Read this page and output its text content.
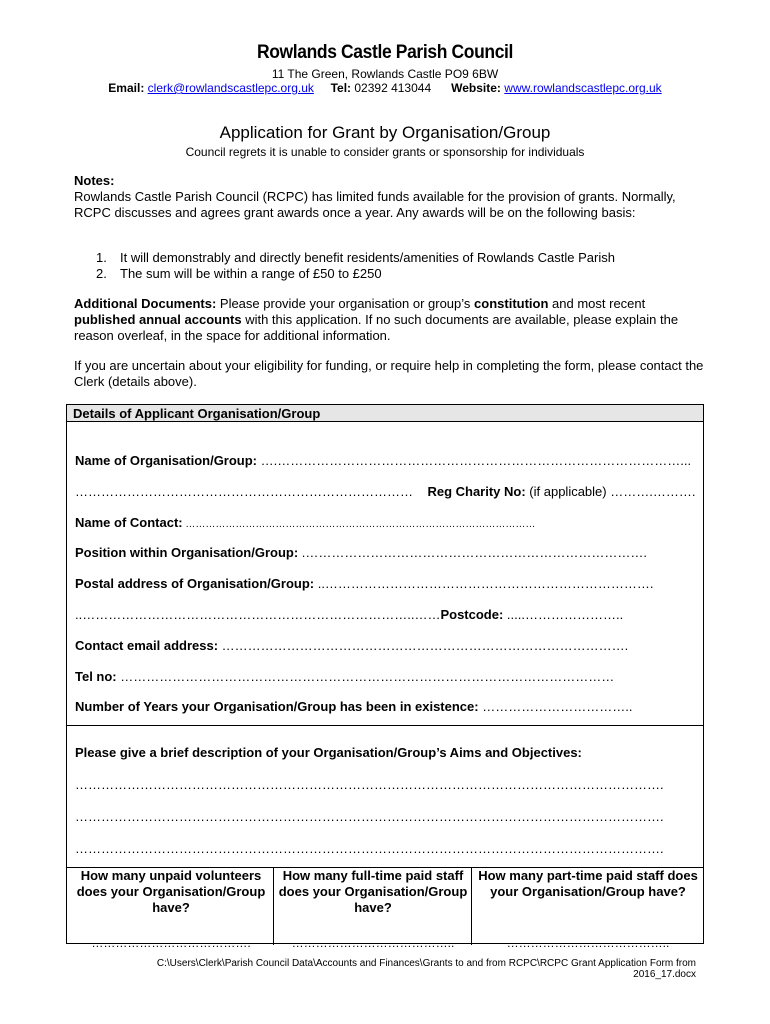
Rowlands Castle Parish Council
11 The Green, Rowlands Castle PO9 6BW
Email: clerk@rowlandscastlepc.org.uk Tel: 02392 413044 Website: www.rowlandscastlepc.org.uk
Application for Grant by Organisation/Group
Council regrets it is unable to consider grants or sponsorship for individuals
Notes:
Rowlands Castle Parish Council (RCPC) has limited funds available for the provision of grants. Normally, RCPC discusses and agrees grant awards once a year. Any awards will be on the following basis:
1. It will demonstrably and directly benefit residents/amenities of Rowlands Castle Parish
2. The sum will be within a range of £50 to £250
Additional Documents: Please provide your organisation or group’s constitution and most recent published annual accounts with this application. If no such documents are available, please explain the reason overleaf, in the space for additional information.
If you are uncertain about your eligibility for funding, or require help in completing the form, please contact the Clerk (details above).
Details of Applicant Organisation/Group
Name of Organisation/Group: ….…………………………………………………………………………………...
…………………………………………………………………… Reg Charity No: (if applicable) ……….……….
Name of Contact: ……………………………………………………………………………………………
Position within Organisation/Group: .…………………………………………………………………….
Postal address of Organisation/Group: ..………………………………………………………………….
..…………………………………………………………………..……Postcode: .....…………………..
Contact email address: ………………………………………………………………………………….
Tel no: ……………………………………………………………………………………………………
Number of Years your Organisation/Group has been in existence: ……………………………..
Please give a brief description of your Organisation/Group’s Aims and Objectives:
……………………………………………………………………………………………………………………….
……………………………………………………………………………………………………………………….
……………………………………………………………………………………………………………………….
How many unpaid volunteers does your Organisation/Group have?
How many full-time paid staff does your Organisation/Group have?
How many part-time paid staff does your Organisation/Group have?
………………………………….	…………………………………..	…………………………………..
C:\Users\Clerk\Parish Council Data\Accounts and Finances\Grants to and from RCPC\RCPC Grant Application Form from 2016_17.docx
